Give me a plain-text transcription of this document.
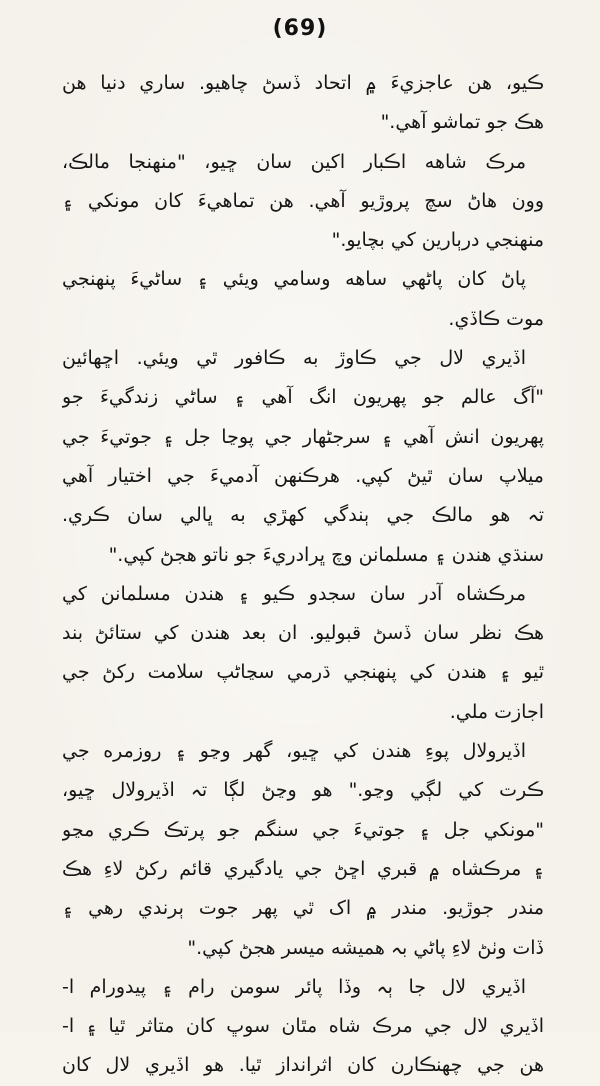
(69)
ڪيو، هن عاجزيءَ ۾ اتحاد ڏسڻ چاهيو. ساري دنيا هن
هڪ جو تماشو آهي."
مرڪ شاهه اڪبار اکين سان ڇيو، "منهنجا مالڪ،
وون هاڻ سچ پروڙيو آهي. هن تماهيءَ کان مونکي ۽
منهنجي درٻارين کي بچايو."
پاڻ کان پاڻهي ساهه وسامي ويئي ۽ ساڻيءَ پنهنجي
موت ڪاڏي.
اڏيري لال جي ڪاوڙ به ڪافور ٿي ويئي. اڇهائين
"آگ عالم جو پهريون انگ آهي ۽ ساڻي زندگيءَ جو
پهريون انش آهي ۽ سرجڻهار جي پوڃا جل ۽ جوتيءَ جي
ميلاپ سان ٿيڻ کپي. هرڪنهن آدميءَ جي اختيار آهي
تہ هو مالڪ جي ٻندگي کهڙي به ڀالي سان ڪري.
سنڌي هندن ۽ مسلمانن وچ ڀرادريءَ جو ناتو هجڻ کپي."
مرڪشاه آدر سان سجدو ڪيو ۽ هندن مسلمانن کي
هڪ نظر سان ڏسڻ قبوليو. ان بعد هندن کي ستائڻ بند
ٿيو ۽ هندن کي پنهنجي ڌرمي سڃاڻپ سلامت رکڻ جي
اجازت ملي.
اڏيرولال پوءِ هندن کي ڇيو، گهر وڃو ۽ روزمره جي
ڪرت کي لڳي وڃو." هو وڃڻ لڳا تہ اڏيرولال ڇيو،
"مونکي جل ۽ جوتيءَ جي سنگم جو پرتڪ ڪري مڃو
۽ مرڪشاه ۾ قبري اڇڻ جي يادگيري قائم رکڻ لاءِ هڪ
مندر جوڙيو. مندر ۾ اک ٿي پهر جوت ٻرندي رهي ۽
ڏات وٺڻ لاءِ پاڻي بہ هميشه ميسر هجڻ کپي."
اڏيري لال جا ٻہ وڏا پائر سومن رام ۽ پيدورام ا-
اڏيري لال جي مرڪ شاه مٿان سوڀ کان متاثر ٿيا ۽ ا-
هن جي چهنڪارن کان اثرانداز ٿيا. هو اڏيري لال کان
